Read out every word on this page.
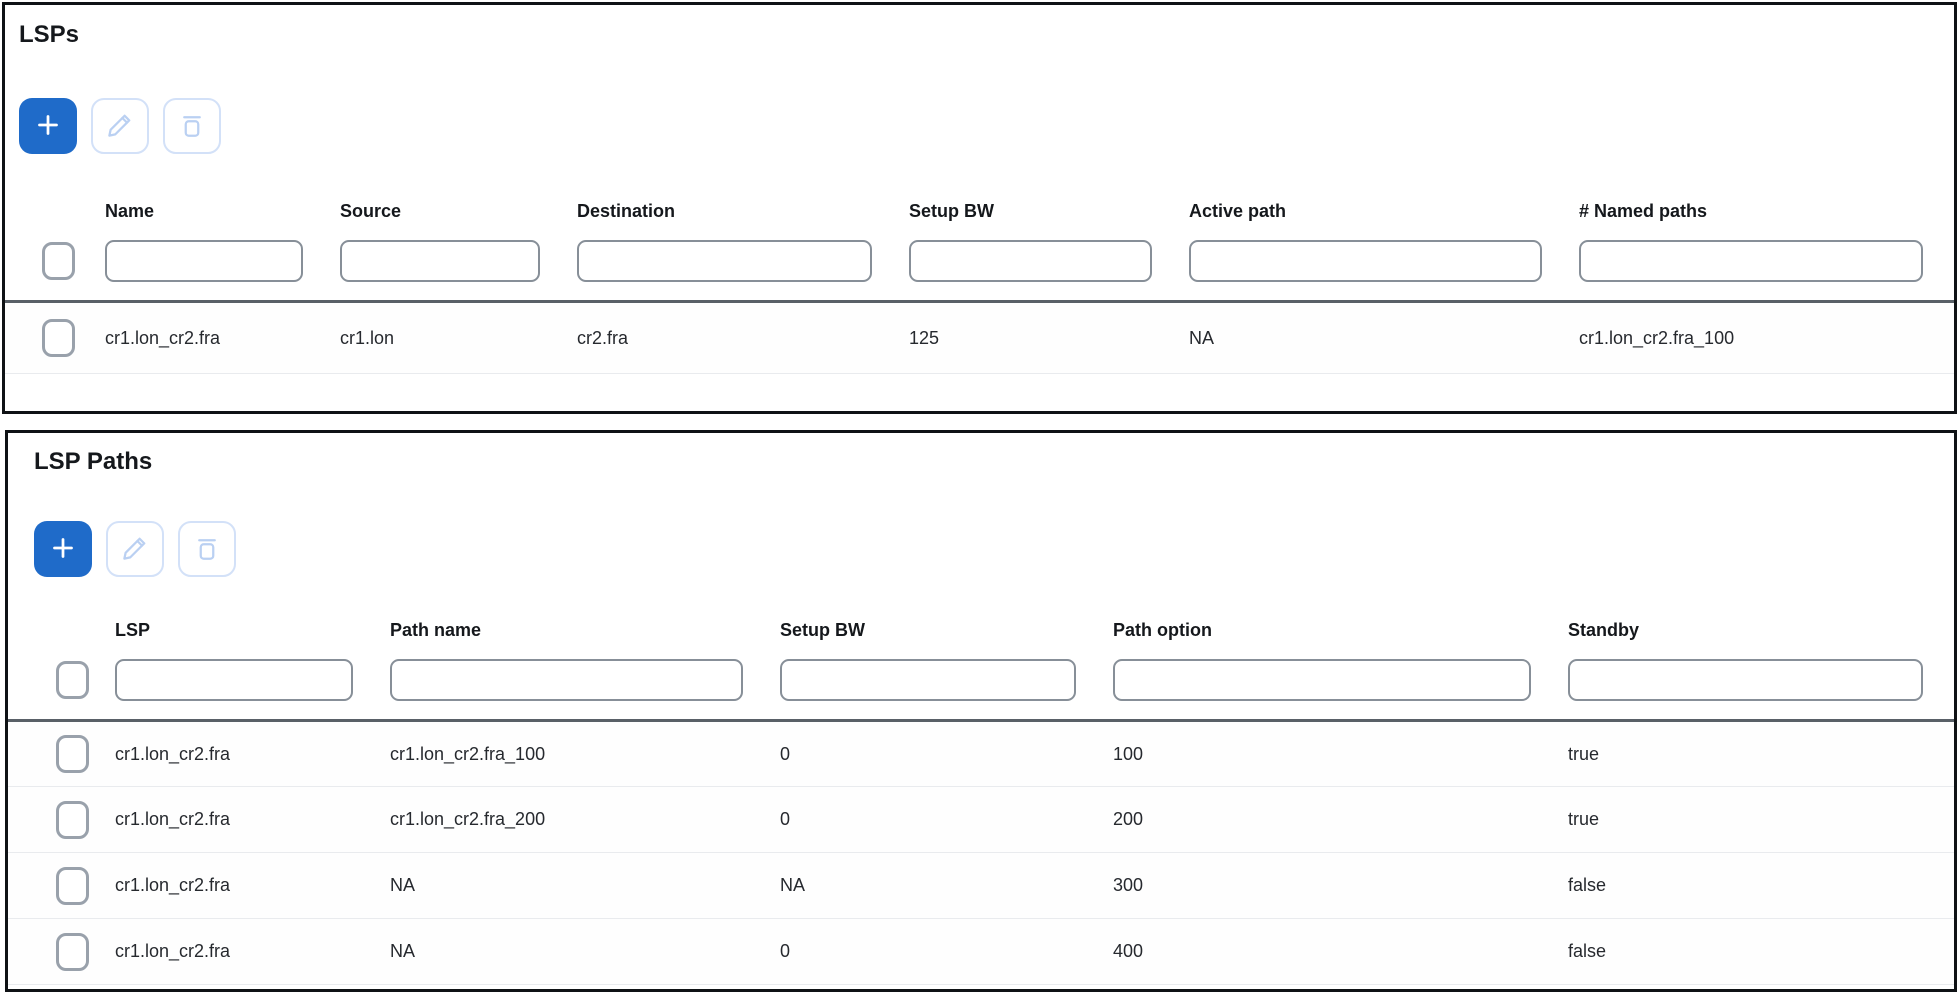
LSPs
	Name	Source	Destination	Setup BW	Active path	# Named paths

	cr1.lon_cr2.fra	cr1.lon	cr2.fra	125	NA	cr1.lon_cr2.fra_100
LSP Paths
	LSP	Path name	Setup BW	Path option	Standby

	cr1.lon_cr2.fra	cr1.lon_cr2.fra_100	0	100	true

	cr1.lon_cr2.fra	cr1.lon_cr2.fra_200	0	200	true

	cr1.lon_cr2.fra	NA	NA	300	false

	cr1.lon_cr2.fra	NA	0	400	false
